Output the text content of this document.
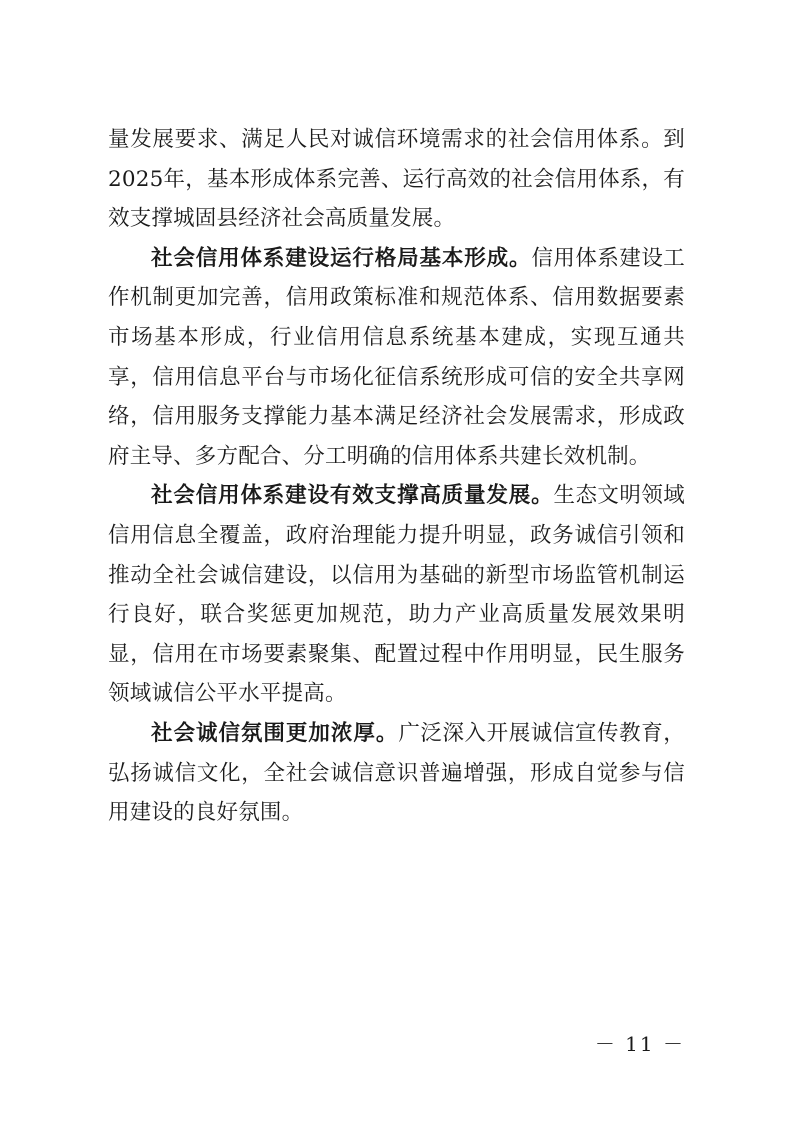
量发展要求、满足人民对诚信环境需求的社会信用体系。到2025年，基本形成体系完善、运行高效的社会信用体系，有效支撑城固县经济社会高质量发展。

社会信用体系建设运行格局基本形成。信用体系建设工作机制更加完善，信用政策标准和规范体系、信用数据要素市场基本形成，行业信用信息系统基本建成，实现互通共享，信用信息平台与市场化征信系统形成可信的安全共享网络，信用服务支撑能力基本满足经济社会发展需求，形成政府主导、多方配合、分工明确的信用体系共建长效机制。

社会信用体系建设有效支撑高质量发展。生态文明领域信用信息全覆盖，政府治理能力提升明显，政务诚信引领和推动全社会诚信建设，以信用为基础的新型市场监管机制运行良好，联合奖惩更加规范，助力产业高质量发展效果明显，信用在市场要素聚集、配置过程中作用明显，民生服务领域诚信公平水平提高。

社会诚信氛围更加浓厚。广泛深入开展诚信宣传教育，弘扬诚信文化，全社会诚信意识普遍增强，形成自觉参与信用建设的良好氛围。

－ 11 －
